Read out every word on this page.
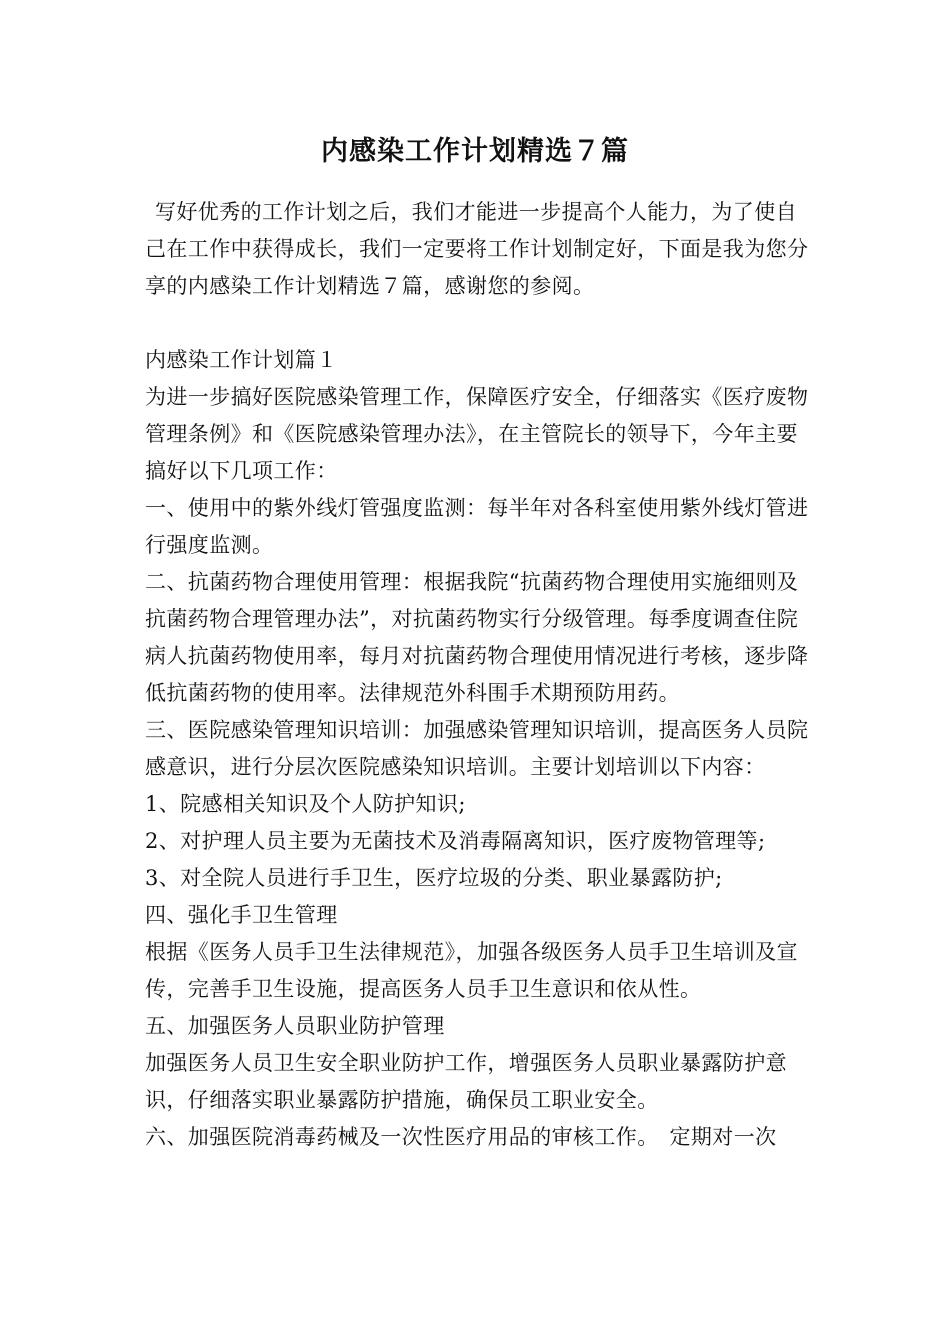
内感染工作计划精选７篇

写好优秀的工作计划之后，我们才能进一步提高个人能力，为了使自己在工作中获得成长，我们一定要将工作计划制定好，下面是我为您分享的内感染工作计划精选７篇，感谢您的参阅。

内感染工作计划篇１

为进一步搞好医院感染管理工作，保障医疗安全，仔细落实《医疗废物管理条例》和《医院感染管理办法》，在主管院长的领导下，今年主要搞好以下几项工作：

一、使用中的紫外线灯管强度监测：每半年对各科室使用紫外线灯管进行强度监测。

二、抗菌药物合理使用管理：根据我院“抗菌药物合理使用实施细则及抗菌药物合理管理办法”，对抗菌药物实行分级管理。每季度调查住院病人抗菌药物使用率，每月对抗菌药物合理使用情况进行考核，逐步降低抗菌药物的使用率。法律规范外科围手术期预防用药。

三、医院感染管理知识培训：加强感染管理知识培训，提高医务人员院感意识，进行分层次医院感染知识培训。主要计划培训以下内容：

1、院感相关知识及个人防护知识;

2、对护理人员主要为无菌技术及消毒隔离知识，医疗废物管理等;

3、对全院人员进行手卫生，医疗垃圾的分类、职业暴露防护;

四、强化手卫生管理

根据《医务人员手卫生法律规范》，加强各级医务人员手卫生培训及宣传，完善手卫生设施，提高医务人员手卫生意识和依从性。

五、加强医务人员职业防护管理

加强医务人员卫生安全职业防护工作，增强医务人员职业暴露防护意识，仔细落实职业暴露防护措施，确保员工职业安全。

六、加强医院消毒药械及一次性医疗用品的审核工作。　定期对一次
